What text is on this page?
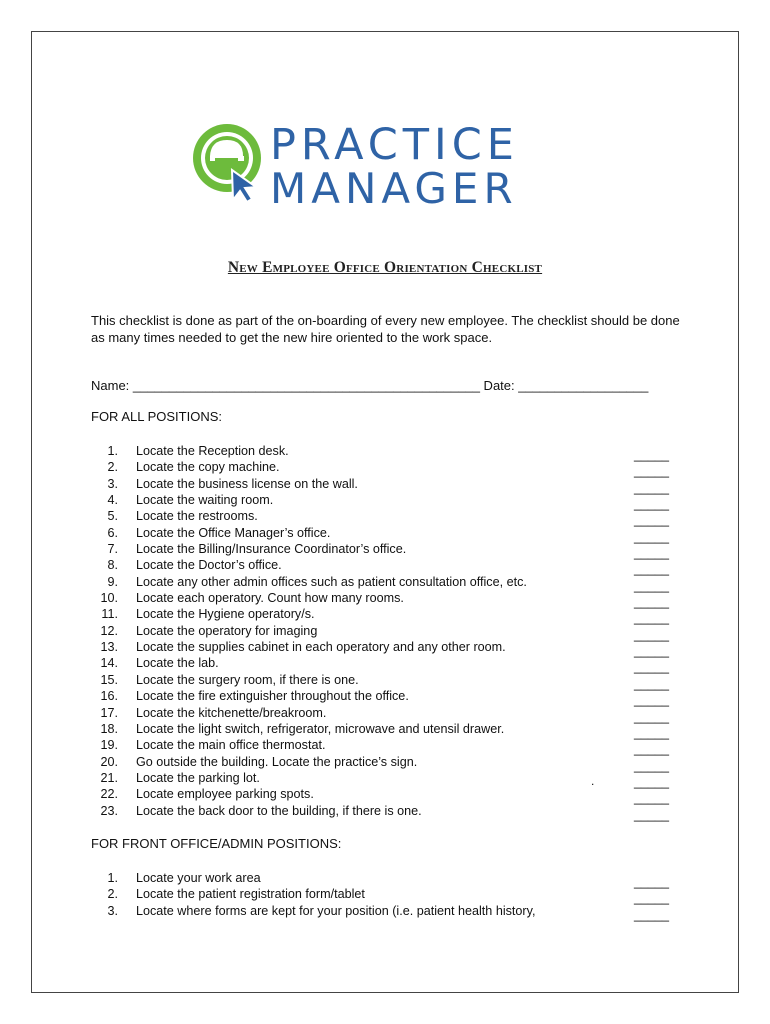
PRACTICE
MANAGER
New Employee Office Orientation Checklist
This checklist is done as part of the on-boarding of every new employee. The checklist should be done as many times needed to get the new hire oriented to the work space.
Name: ________________________________________________ Date: __________________
FOR ALL POSITIONS:
1. Locate the Reception desk.	_____
2. Locate the copy machine.	_____
3. Locate the business license on the wall.	_____
4. Locate the waiting room.	_____
5. Locate the restrooms.	_____
6. Locate the Office Manager’s office.	_____
7. Locate the Billing/Insurance Coordinator’s office.	_____
8. Locate the Doctor’s office.	_____
9. Locate any other admin offices such as patient consultation office, etc.	_____
10. Locate each operatory. Count how many rooms.	_____
11. Locate the Hygiene operatory/s.	_____
12. Locate the operatory for imaging	_____
13. Locate the supplies cabinet in each operatory and any other room.	_____
14. Locate the lab.	_____
15. Locate the surgery room, if there is one.	_____
16. Locate the fire extinguisher throughout the office.	_____
17. Locate the kitchenette/breakroom.	_____
18. Locate the light switch, refrigerator, microwave and utensil drawer.	_____
19. Locate the main office thermostat.	_____
20. Go outside the building. Locate the practice’s sign.	_____
21. Locate the parking lot.	_____
22. Locate employee parking spots.	_____
23. Locate the back door to the building, if there is one.	_____
.
FOR FRONT OFFICE/ADMIN POSITIONS:
1. Locate your work area	_____
2. Locate the patient registration form/tablet	_____
3. Locate where forms are kept for your position (i.e. patient health history,	_____
